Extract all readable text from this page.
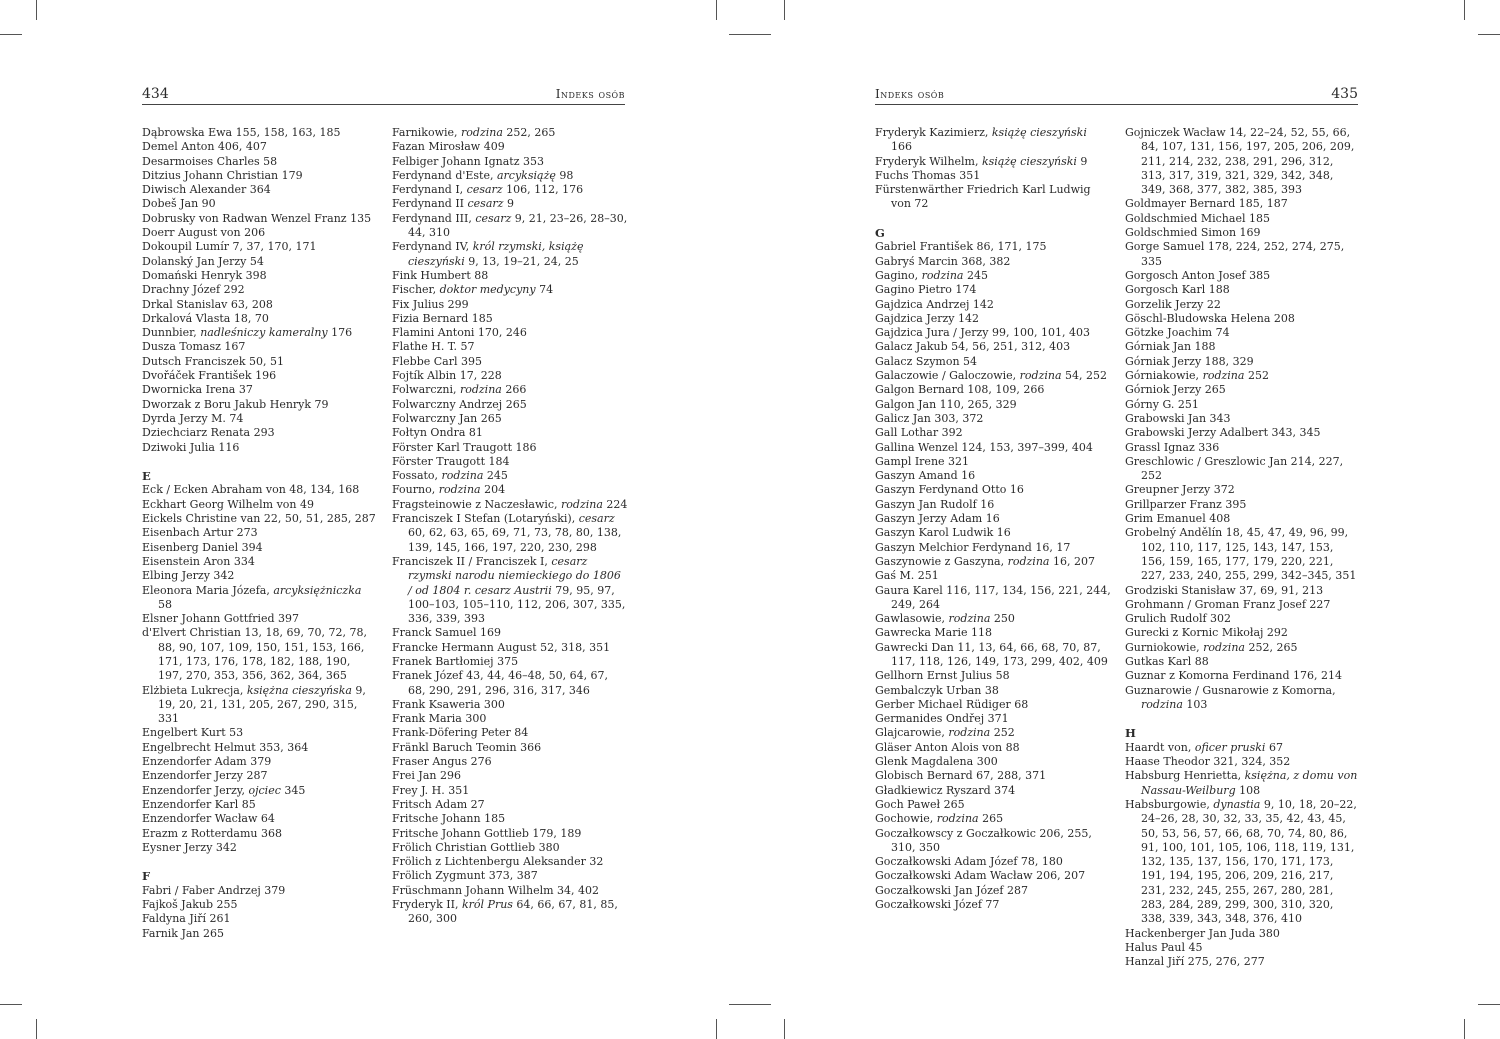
434	Indeks osób
Dąbrowska Ewa 155, 158, 163, 185
Demel Anton 406, 407
Desarmoises Charles 58
Ditzius Johann Christian 179
Diwisch Alexander 364
Dobeš Jan 90
Dobrusky von Radwan Wenzel Franz 135
Doerr August von 206
Dokoupil Lumír 7, 37, 170, 171
Dolanský Jan Jerzy 54
Domański Henryk 398
Drachny Józef 292
Drkal Stanislav 63, 208
Drkalová Vlasta 18, 70
Dunnbier, nadleśniczy kameralny 176
Dusza Tomasz 167
Dutsch Franciszek 50, 51
Dvořáček František 196
Dwornicka Irena 37
Dworzak z Boru Jakub Henryk 79
Dyrda Jerzy M. 74
Dziechciarz Renata 293
Dziwoki Julia 116
E
Eck / Ecken Abraham von 48, 134, 168
Eckhart Georg Wilhelm von 49
Eickels Christine van 22, 50, 51, 285, 287
Eisenbach Artur 273
Eisenberg Daniel 394
Eisenstein Aron 334
Elbing Jerzy 342
Eleonora Maria Józefa, arcyksiężniczka 58
Elsner Johann Gottfried 397
d'Elvert Christian 13, 18, 69, 70, 72, 78, 88, 90, 107, 109, 150, 151, 153, 166, 171, 173, 176, 178, 182, 188, 190, 197, 270, 353, 356, 362, 364, 365
Elżbieta Lukrecja, księżna cieszyńska 9, 19, 20, 21, 131, 205, 267, 290, 315, 331
Engelbert Kurt 53
Engelbrecht Helmut 353, 364
Enzendorfer Adam 379
Enzendorfer Jerzy 287
Enzendorfer Jerzy, ojciec 345
Enzendorfer Karl 85
Enzendorfer Wacław 64
Erazm z Rotterdamu 368
Eysner Jerzy 342
F
Fabri / Faber Andrzej 379
Fajkoš Jakub 255
Faldyna Jiří 261
Farnik Jan 265
Farnikowie, rodzina 252, 265
Fazan Mirosław 409
Felbiger Johann Ignatz 353
Ferdynand d'Este, arcyksiążę 98
Ferdynand I, cesarz 106, 112, 176
Ferdynand II cesarz 9
Ferdynand III, cesarz 9, 21, 23–26, 28–30, 44, 310
Ferdynand IV, król rzymski, książę cieszyński 9, 13, 19–21, 24, 25
Fink Humbert 88
Fischer, doktor medycyny 74
Fix Julius 299
Fizia Bernard 185
Flamini Antoni 170, 246
Flathe H. T. 57
Flebbe Carl 395
Fojtík Albin 17, 228
Folwarczni, rodzina 266
Folwarczny Andrzej 265
Folwarczny Jan 265
Fołtyn Ondra 81
Förster Karl Traugott 186
Förster Traugott 184
Fossato, rodzina 245
Fourno, rodzina 204
Fragsteinowie z Naczesławic, rodzina 224
Franciszek I Stefan (Lotaryński), cesarz 60, 62, 63, 65, 69, 71, 73, 78, 80, 138, 139, 145, 166, 197, 220, 230, 298
Franciszek II / Franciszek I, cesarz rzymski narodu niemieckiego do 1806 / od 1804 r. cesarz Austrii 79, 95, 97, 100–103, 105–110, 112, 206, 307, 335, 336, 339, 393
Franck Samuel 169
Francke Hermann August 52, 318, 351
Franek Bartłomiej 375
Franek Józef 43, 44, 46–48, 50, 64, 67, 68, 290, 291, 296, 316, 317, 346
Frank Ksaweria 300
Frank Maria 300
Frank-Döfering Peter 84
Fränkl Baruch Teomin 366
Fraser Angus 276
Frei Jan 296
Frey J. H. 351
Fritsch Adam 27
Fritsche Johann 185
Fritsche Johann Gottlieb 179, 189
Frölich Christian Gottlieb 380
Frölich z Lichtenbergu Aleksander 32
Frölich Zygmunt 373, 387
Früschmann Johann Wilhelm 34, 402
Fryderyk II, król Prus 64, 66, 67, 81, 85, 260, 300
Indeks osób	435
Fryderyk Kazimierz, książę cieszyński 166
Fryderyk Wilhelm, książę cieszyński 9
Fuchs Thomas 351
Fürstenwärther Friedrich Karl Ludwig von 72
G
Gabriel František 86, 171, 175
Gabryś Marcin 368, 382
Gagino, rodzina 245
Gagino Pietro 174
Gajdzica Andrzej 142
Gajdzica Jerzy 142
Gajdzica Jura / Jerzy 99, 100, 101, 403
Galacz Jakub 54, 56, 251, 312, 403
Galacz Szymon 54
Galaczowie / Galoczowie, rodzina 54, 252
Galgon Bernard 108, 109, 266
Galgon Jan 110, 265, 329
Galicz Jan 303, 372
Gall Lothar 392
Gallina Wenzel 124, 153, 397–399, 404
Gampl Irene 321
Gaszyn Amand 16
Gaszyn Ferdynand Otto 16
Gaszyn Jan Rudolf 16
Gaszyn Jerzy Adam 16
Gaszyn Karol Ludwik 16
Gaszyn Melchior Ferdynand 16, 17
Gaszynowie z Gaszyna, rodzina 16, 207
Gaś M. 251
Gaura Karel 116, 117, 134, 156, 221, 244, 249, 264
Gawlasowie, rodzina 250
Gawrecka Marie 118
Gawrecki Dan 11, 13, 64, 66, 68, 70, 87, 117, 118, 126, 149, 173, 299, 402, 409
Gellhorn Ernst Julius 58
Gembalczyk Urban 38
Gerber Michael Rüdiger 68
Germanides Ondřej 371
Glajcarowie, rodzina 252
Gläser Anton Alois von 88
Glenk Magdalena 300
Globisch Bernard 67, 288, 371
Gładkiewicz Ryszard 374
Goch Paweł 265
Gochowie, rodzina 265
Goczałkowscy z Goczałkowic 206, 255, 310, 350
Goczałkowski Adam Józef 78, 180
Goczałkowski Adam Wacław 206, 207
Goczałkowski Jan Józef 287
Goczałkowski Józef 77
Gojniczek Wacław 14, 22–24, 52, 55, 66, 84, 107, 131, 156, 197, 205, 206, 209, 211, 214, 232, 238, 291, 296, 312, 313, 317, 319, 321, 329, 342, 348, 349, 368, 377, 382, 385, 393
Goldmayer Bernard 185, 187
Goldschmied Michael 185
Goldschmied Simon 169
Gorge Samuel 178, 224, 252, 274, 275, 335
Gorgosch Anton Josef 385
Gorgosch Karl 188
Gorzelik Jerzy 22
Göschl-Bludowska Helena 208
Götzke Joachim 74
Górniak Jan 188
Górniak Jerzy 188, 329
Górniakowie, rodzina 252
Górniok Jerzy 265
Górny G. 251
Grabowski Jan 343
Grabowski Jerzy Adalbert 343, 345
Grassl Ignaz 336
Greschlowic / Greszlowic Jan 214, 227, 252
Greupner Jerzy 372
Grillparzer Franz 395
Grim Emanuel 408
Grobelný Andělín 18, 45, 47, 49, 96, 99, 102, 110, 117, 125, 143, 147, 153, 156, 159, 165, 177, 179, 220, 221, 227, 233, 240, 255, 299, 342–345, 351
Grodziski Stanisław 37, 69, 91, 213
Grohmann / Groman Franz Josef 227
Grulich Rudolf 302
Gurecki z Kornic Mikołaj 292
Gurniokowie, rodzina 252, 265
Gutkas Karl 88
Guznar z Komorna Ferdinand 176, 214
Guznarowie / Gusnarowie z Komorna, rodzina 103
H
Haardt von, oficer pruski 67
Haase Theodor 321, 324, 352
Habsburg Henrietta, księżna, z domu von Nassau-Weilburg 108
Habsburgowie, dynastia 9, 10, 18, 20–22, 24–26, 28, 30, 32, 33, 35, 42, 43, 45, 50, 53, 56, 57, 66, 68, 70, 74, 80, 86, 91, 100, 101, 105, 106, 118, 119, 131, 132, 135, 137, 156, 170, 171, 173, 191, 194, 195, 206, 209, 216, 217, 231, 232, 245, 255, 267, 280, 281, 283, 284, 289, 299, 300, 310, 320, 338, 339, 343, 348, 376, 410
Hackenberger Jan Juda 380
Halus Paul 45
Hanzal Jiří 275, 276, 277
